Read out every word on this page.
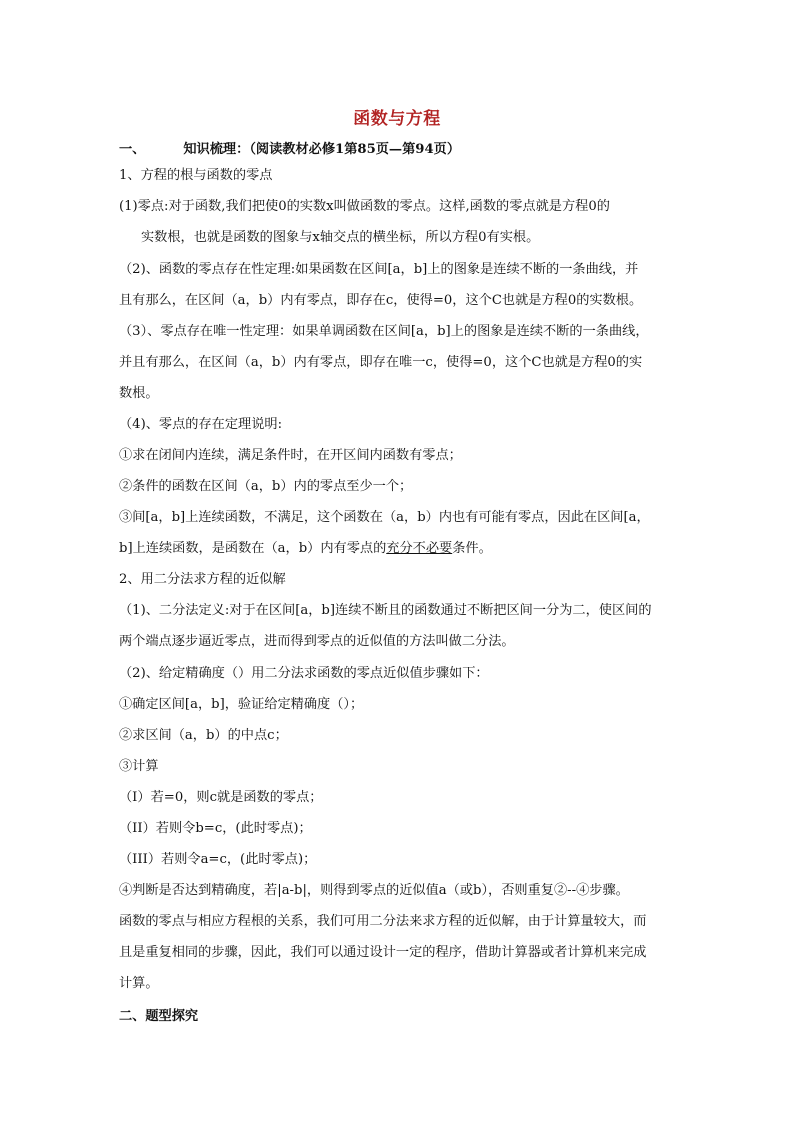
函数与方程
一、	知识梳理：（阅读教材必修1第85页—第94页）
1、方程的根与函数的零点
(1)零点:对于函数,我们把使0的实数x叫做函数的零点。这样,函数的零点就是方程0的
实数根，也就是函数的图象与x轴交点的横坐标，所以方程0有实根。
（2)、函数的零点存在性定理:如果函数在区间[a，b]上的图象是连续不断的一条曲线，并
且有那么，在区间（a，b）内有零点，即存在c，使得=0，这个C也就是方程0的实数根。
（3）、零点存在唯一性定理：如果单调函数在区间[a，b]上的图象是连续不断的一条曲线，
并且有那么，在区间（a，b）内有零点，即存在唯一c，使得=0，这个C也就是方程0的实
数根。
（4)、零点的存在定理说明:
①求在闭间内连续，满足条件时，在开区间内函数有零点；
②条件的函数在区间（a，b）内的零点至少一个；
③间[a，b]上连续函数，不满足，这个函数在（a，b）内也有可能有零点，因此在区间[a，
b]上连续函数，是函数在（a，b）内有零点的充分不必要条件。
2、用二分法求方程的近似解
（1)、二分法定义:对于在区间[a，b]连续不断且的函数通过不断把区间一分为二，使区间的
两个端点逐步逼近零点，进而得到零点的近似值的方法叫做二分法。
（2)、给定精确度（）用二分法求函数的零点近似值步骤如下：
①确定区间[a，b]，验证给定精确度（）；
②求区间（a，b）的中点c；
③计算
（I）若=0，则c就是函数的零点；
（II）若则令b=c，(此时零点)；
（III）若则令a=c，(此时零点)；
④判断是否达到精确度，若|a-b|，则得到零点的近似值a（或b），否则重复②--④步骤。
函数的零点与相应方程根的关系，我们可用二分法来求方程的近似解，由于计算量较大，而
且是重复相同的步骤，因此，我们可以通过设计一定的程序，借助计算器或者计算机来完成
计算。
二、题型探究
